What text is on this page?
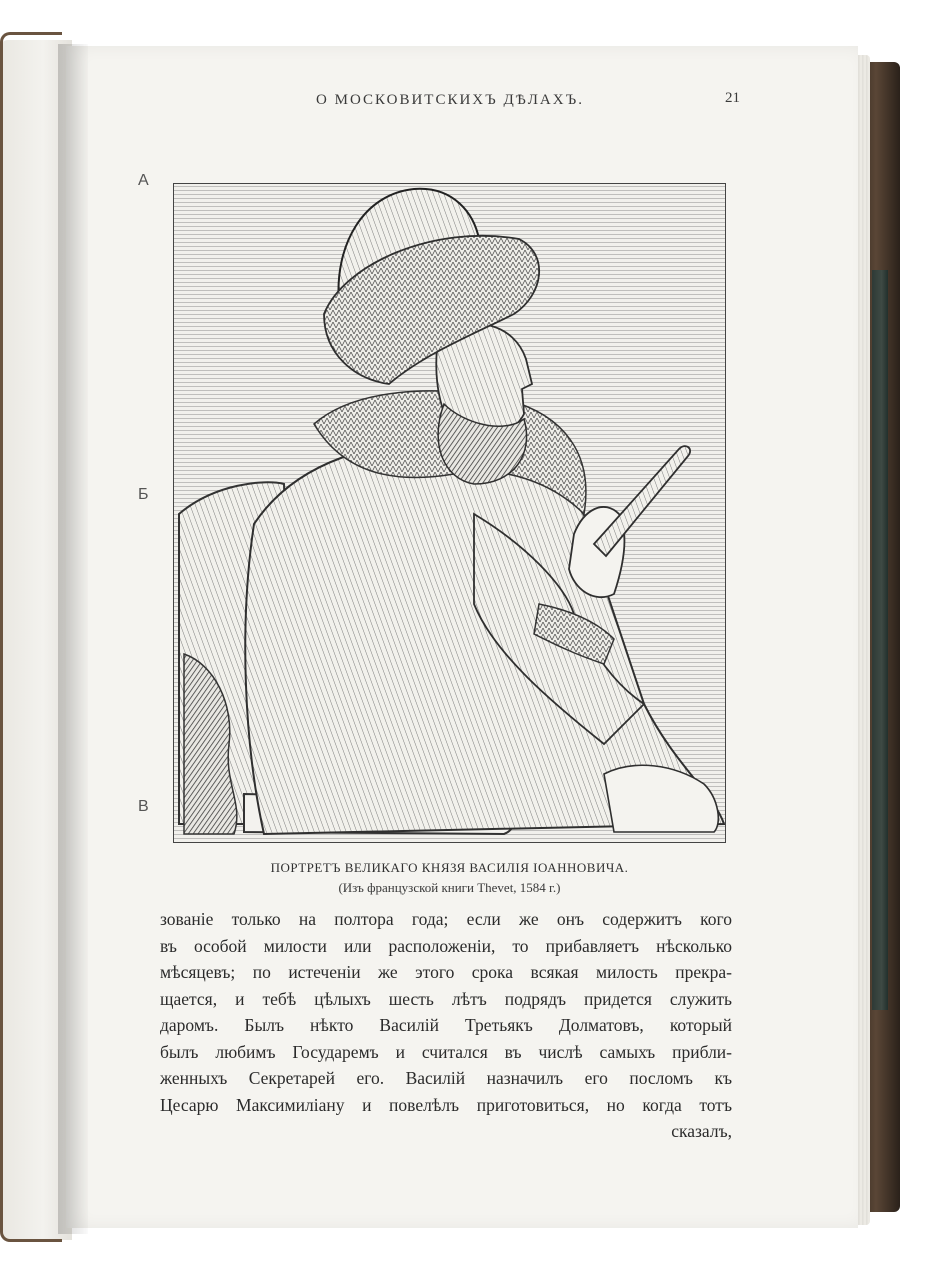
О МОСКОВИТСКИХЪ ДѢЛАХЪ.	21
А
Б
В
ПОРТРЕТЪ ВЕЛИКАГО КНЯЗЯ ВАСИЛІЯ ІОАННОВИЧА.
(Изъ французской книги Thevet, 1584 г.)
зованіе только на полтора года; если же онъ содержитъ кого
въ особой милости или расположеніи, то прибавляетъ нѣсколько
мѣсяцевъ; по истеченіи же этого срока всякая милость прекра-
щается, и тебѣ цѣлыхъ шесть лѣтъ подрядъ придется служить
даромъ. Былъ нѣкто Василій Третьякъ Долматовъ, который
былъ любимъ Государемъ и считался въ числѣ самыхъ прибли-
женныхъ Секретарей его. Василій назначилъ его посломъ къ
Цесарю Максимиліану и повелѣлъ приготовиться, но когда тотъ
сказалъ,
